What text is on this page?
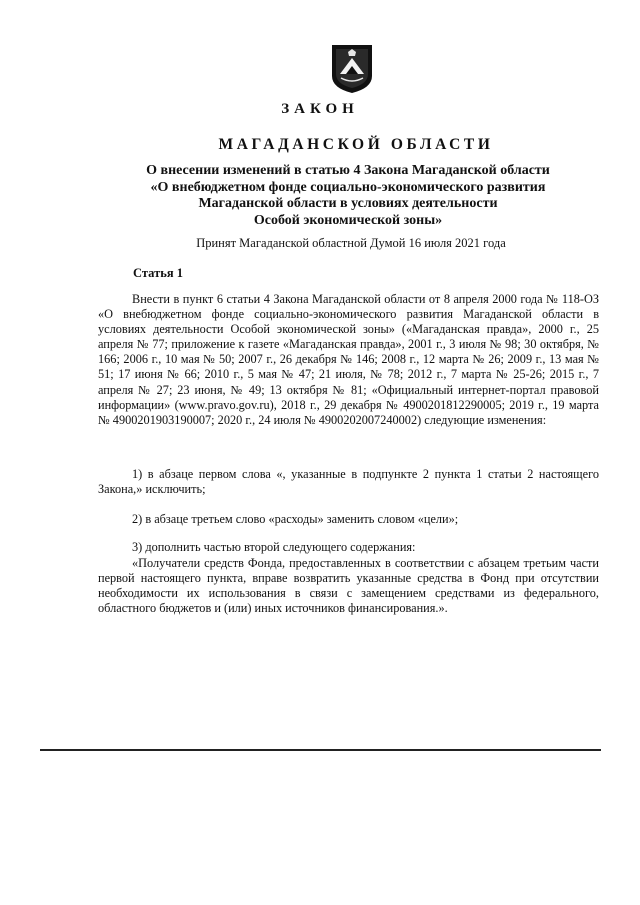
ЗАКОН
МАГАДАНСКОЙ ОБЛАСТИ
О внесении изменений в статью 4 Закона Магаданской области
«О внебюджетном фонде социально-экономического развития
Магаданской области в условиях деятельности
Особой экономической зоны»
Принят Магаданской областной Думой 16 июля 2021 года
Статья 1

Внести в пункт 6 статьи 4 Закона Магаданской области от 8 апреля 2000 года № 118-ОЗ «О внебюджетном фонде социально-экономического развития Магаданской области в условиях деятельности Особой экономической зоны» («Магаданская правда», 2000 г., 25 апреля № 77; приложение к газете «Магаданская правда», 2001 г., 3 июля № 98; 30 октября, № 166; 2006 г., 10 мая № 50; 2007 г., 26 декабря № 146; 2008 г., 12 марта № 26; 2009 г., 13 мая № 51; 17 июня № 66; 2010 г., 5 мая № 47; 21 июля, № 78; 2012 г., 7 марта № 25-26; 2015 г., 7 апреля № 27; 23 июня, № 49; 13 октября № 81; «Официальный интернет-портал правовой информации» (www.pravo.gov.ru), 2018 г., 29 декабря № 4900201812290005; 2019 г., 19 марта № 4900201903190007; 2020 г., 24 июля № 4900202007240002) следующие изменения:

1) в абзаце первом слова «, указанные в подпункте 2 пункта 1 статьи 2 настоящего Закона,» исключить;

2) в абзаце третьем слово «расходы» заменить словом «цели»;

3) дополнить частью второй следующего содержания:

«Получатели средств Фонда, предоставленных в соответствии с абзацем третьим части первой настоящего пункта, вправе возвратить указанные средства в Фонд при отсутствии необходимости их использования в связи с замещением средствами из федерального, областного бюджетов и (или) иных источников финансирования.».
